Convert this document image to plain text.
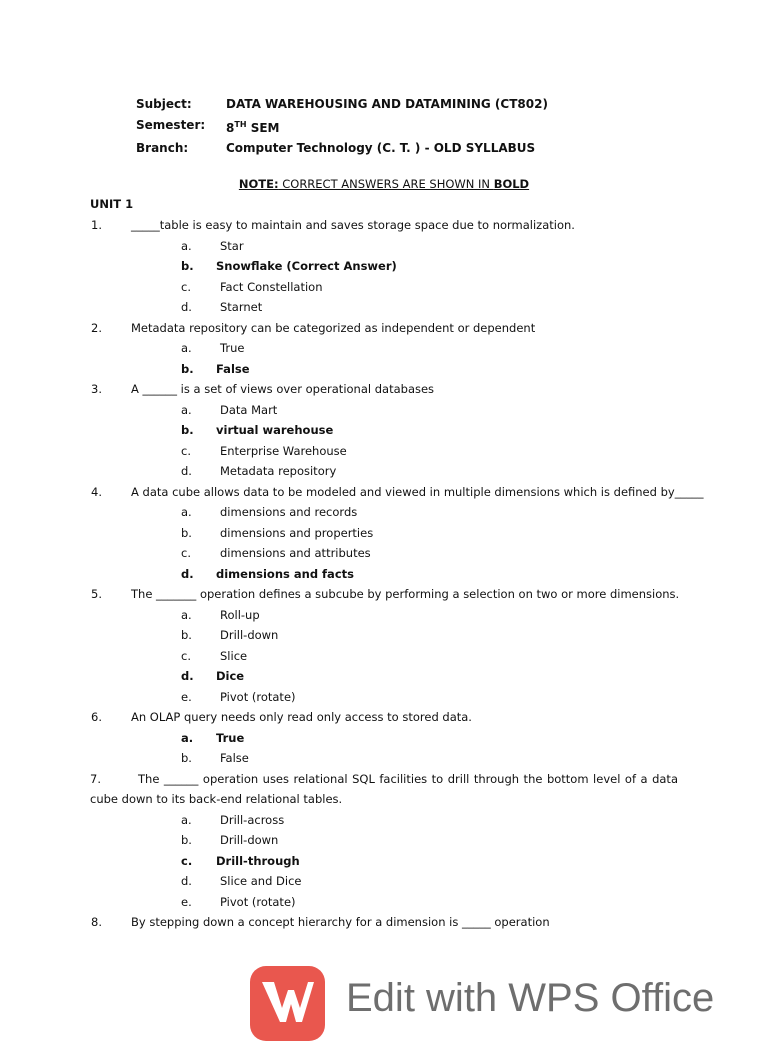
Subject:	DATA WAREHOUSING AND DATAMINING (CT802)
Semester:	8TH SEM
Branch:	Computer Technology (C. T. ) - OLD SYLLABUS
NOTE: CORRECT ANSWERS ARE SHOWN IN BOLD
UNIT 1
1.	_____table is easy to maintain and saves storage space due to normalization.
a. Star
b. Snowflake (Correct Answer)
c.	Fact Constellation
d. Starnet
2.	Metadata repository can be categorized as independent or dependent
a. True
b. False
3.	A ______ is a set of views over operational databases
a. Data Mart
b. virtual warehouse
c.	Enterprise Warehouse
d. Metadata repository
4.	A data cube allows data to be modeled and viewed in multiple dimensions which is defined by_____
a. dimensions and records
b. dimensions and properties
c.	dimensions and attributes
d. dimensions and facts
5.	The _______ operation defines a subcube by performing a selection on two or more dimensions.
a. Roll-up
b. Drill-down
c.	Slice
d. Dice
e. Pivot (rotate)
6.	An OLAP query needs only read only access to stored data.
a. True
b. False
7.	The ______ operation uses relational SQL facilities to drill through the bottom level of a data cube down to its back-end relational tables.
a. Drill-across
b. Drill-down
c. Drill-through
d. Slice and Dice
e. Pivot (rotate)
8.	By stepping down a concept hierarchy for a dimension is _____ operation
Edit with WPS Office
